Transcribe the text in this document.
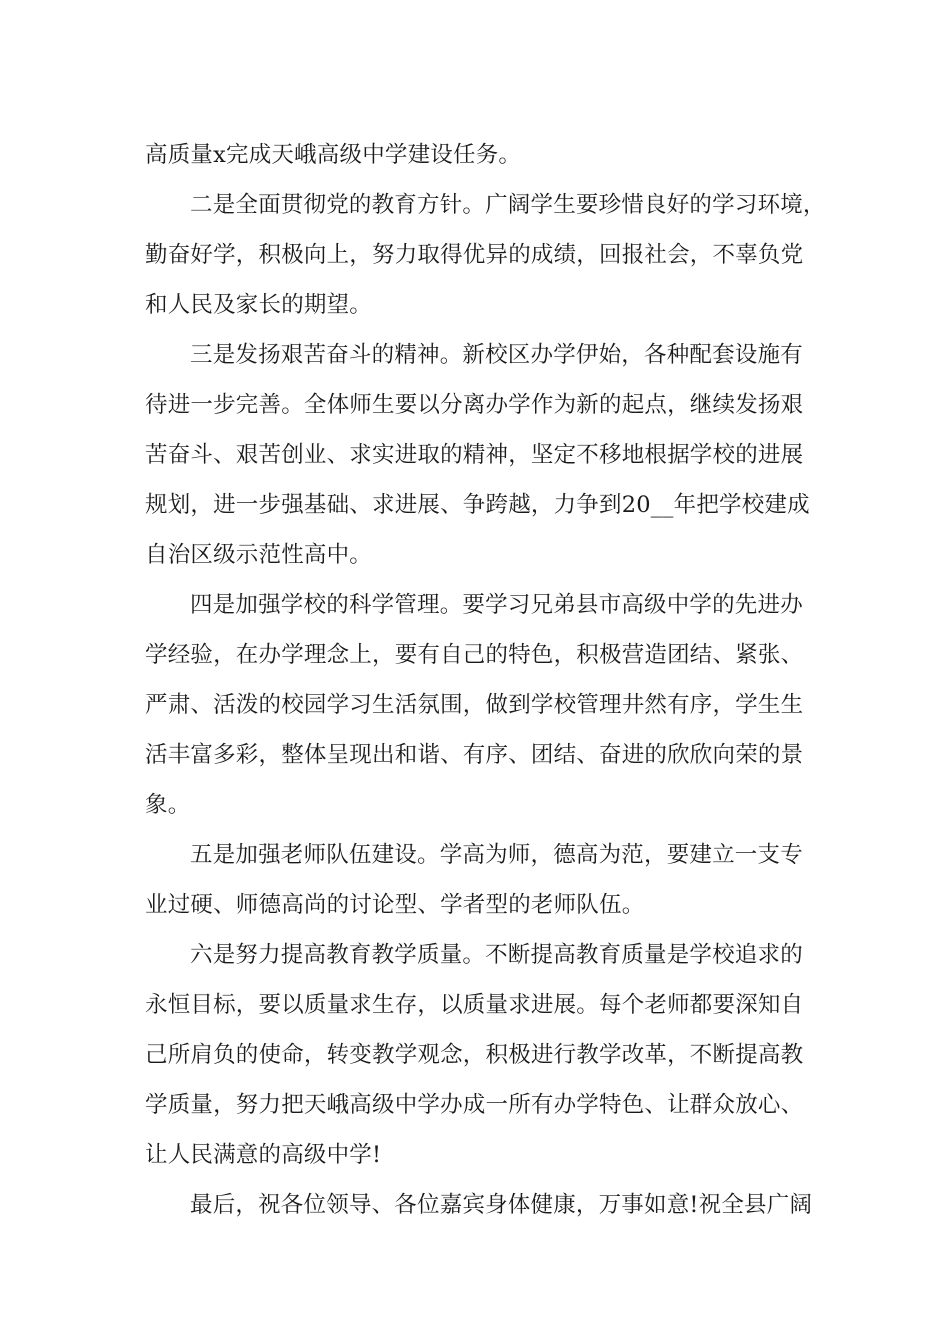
高质量x完成天峨高级中学建设任务。
二是全面贯彻党的教育方针。广阔学生要珍惜良好的学习环境，
勤奋好学，积极向上，努力取得优异的成绩，回报社会，不辜负党
和人民及家长的期望。
三是发扬艰苦奋斗的精神。新校区办学伊始，各种配套设施有
待进一步完善。全体师生要以分离办学作为新的起点，继续发扬艰
苦奋斗、艰苦创业、求实进取的精神，坚定不移地根据学校的进展
规划，进一步强基础、求进展、争跨越，力争到20__年把学校建成
自治区级示范性高中。
四是加强学校的科学管理。要学习兄弟县市高级中学的先进办
学经验，在办学理念上，要有自己的特色，积极营造团结、紧张、
严肃、活泼的校园学习生活氛围，做到学校管理井然有序，学生生
活丰富多彩，整体呈现出和谐、有序、团结、奋进的欣欣向荣的景
象。
五是加强老师队伍建设。学高为师，德高为范，要建立一支专
业过硬、师德高尚的讨论型、学者型的老师队伍。
六是努力提高教育教学质量。不断提高教育质量是学校追求的
永恒目标，要以质量求生存，以质量求进展。每个老师都要深知自
己所肩负的使命，转变教学观念，积极进行教学改革，不断提高教
学质量，努力把天峨高级中学办成一所有办学特色、让群众放心、
让人民满意的高级中学!
最后，祝各位领导、各位嘉宾身体健康，万事如意!祝全县广阔
